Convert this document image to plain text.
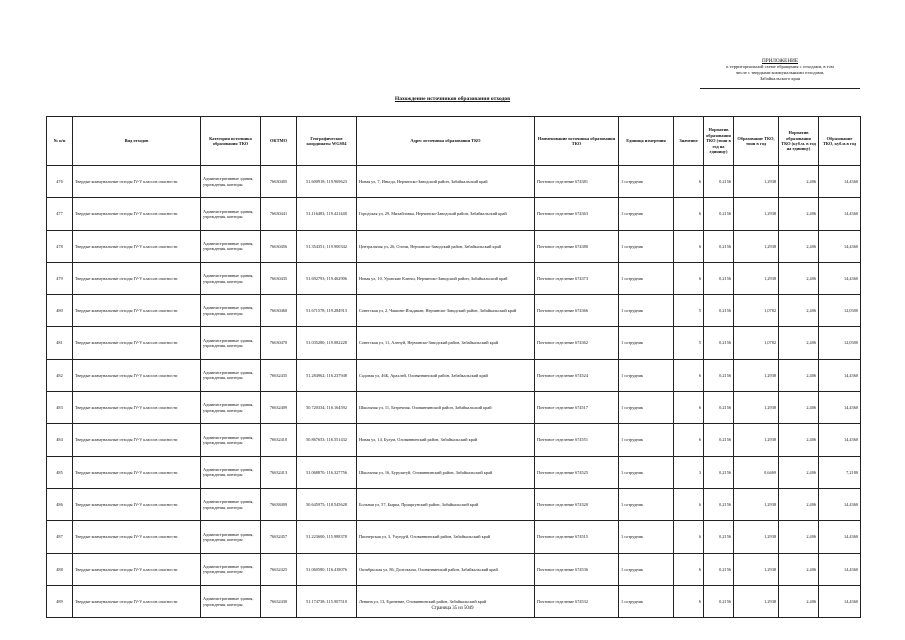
ПРИЛОЖЕНИЕ
к территориальной схеме обращения с отходами, в том
числе с твердыми коммунальными отходами,
Забайкальского края
Нахождение источников образования отходов
№ п/п	Вид отходов	Категория источника образования ТКО	ОКТМО	Географические координаты WGS84	Адрес источника образования ТКО	Наименование источника образования ТКО	Единица измерения	Значение	Норматив образования ТКО (тонн в год на единицу)	Образование ТКО, тонн в год	Норматив образования ТКО (куб.м. в год на единицу)	Образование ТКО, куб.м.в год
476	Твердые коммунальные отходы IV-V классов опасности	Административные здания, учреждения, конторы	76630405	51.600918; 119.969623	Новая ул, 7, Иньгда, Нерчинско-Заводский район, Забайкальский край	Почтовое отделение 674381	1 сотрудник	6	0,2156	1,2938	2,406	14,4360
477	Твердые коммунальные отходы IV-V классов опасности	Административные здания, учреждения, конторы	76630441	51.116483; 119.421448	Городская ул, 29, Михайловка, Нерчинско-Заводский район, Забайкальский край	Почтовое отделение 674363	1 сотрудник	6	0,2156	1,2938	2,406	14,4360
478	Твердые коммунальные отходы IV-V классов опасности	Административные здания, учреждения, конторы	76630456	51.354351; 119.900342	Центральная ул, 26, Олочи, Нерчинско-Заводский район, Забайкальский край	Почтовое отделение 674380	1 сотрудник	6	0,2156	1,2938	2,406	14,4360
479	Твердые коммунальные отходы IV-V классов опасности	Административные здания, учреждения, конторы	76630435	51.692793; 119.462906	Новая ул, 10, Уровские Ключи, Нерчинско-Заводский район, Забайкальский край	Почтовое отделение 674373	1 сотрудник	6	0,2156	1,2938	2,406	14,4360
480	Твердые коммунальные отходы IV-V классов опасности	Административные здания, учреждения, конторы	76630460	51.671578; 119.284913	Советская ул, 2, Чашино-Ильдикан, Нерчинско-Заводский район, Забайкальский край	Почтовое отделение 674366	1 сотрудник	5	0,2156	1,0782	2,406	12,0300
481	Твердые коммунальные отходы IV-V классов опасности	Административные здания, учреждения, конторы	76630470	51.035280; 119.082228	Советская ул, 11, Аленуй, Нерчинско-Заводский район, Забайкальский край	Почтовое отделение 674362	1 сотрудник	5	0,2156	1,0782	2,406	12,0300
482	Твердые коммунальные отходы IV-V классов опасности	Административные здания, учреждения, конторы	76632435	51.284962; 116.237948	Садовая ул, 46Б, Арахлей, Оловяннинский район, Забайкальский край	Почтовое отделение 674524	1 сотрудник	6	0,2156	1,2938	2,406	14,4360
483	Твердые коммунальные отходы IV-V классов опасности	Административные здания, учреждения, конторы	76632409	50.720334; 116.164592	Школьная ул, 11, Безречная, Оловяннинский район, Забайкальский край	Почтовое отделение 674517	1 сотрудник	6	0,2156	1,2938	2,406	14,4360
484	Твердые коммунальные отходы IV-V классов опасности	Административные здания, учреждения, конторы	76632410	50.867653; 116.551432	Новая ул, 14, Булум, Оловяннинский район, Забайкальский край	Почтовое отделение 674551	1 сотрудник	6	0,2156	1,2938	2,406	14,4360
485	Твердые коммунальные отходы IV-V классов опасности	Административные здания, учреждения, конторы	76632413	51.068870; 116.327756	Школьная ул, 16, Бурулятуй, Оловяннинский район, Забайкальский край	Почтовое отделение 674525	1 сотрудник	3	0,2156	0,6469	2,406	7,2180
486	Твердые коммунальные отходы IV-V классов опасности	Административные здания, учреждения, конторы	76638409	50.645975; 118.545628	Больная ул, 57, Бырка, Приаргунский район, Забайкальский край	Почтовое отделение 674320	1 сотрудник	6	0,2156	1,2938	2,406	14,4360
487	Твердые коммунальные отходы IV-V классов опасности	Административные здания, учреждения, конторы	76632457	51.223600; 115.988378	Пионерская ул, 3, Улундуй, Оловяннинский район, Забайкальский край	Почтовое отделение 674515	1 сотрудник	6	0,2156	1,2938	2,406	14,4360
488	Твердые коммунальные отходы IV-V классов опасности	Административные здания, учреждения, конторы	76632425	51.060580; 116.418076	Октябрьская ул, 86, Долгокыча, Оловяннинский район, Забайкальский край	Почтовое отделение 674536	1 сотрудник	6	0,2156	1,2938	2,406	14,4360
489	Твердые коммунальные отходы IV-V классов опасности	Административные здания, учреждения, конторы	76632430	51.174738; 115.907510	Ленина ул, 13, Единение, Оловяннинский район, Забайкальский край	Почтовое отделение 674532	1 сотрудник	6	0,2156	1,2938	2,406	14,4360
Страница 35 из 5049
